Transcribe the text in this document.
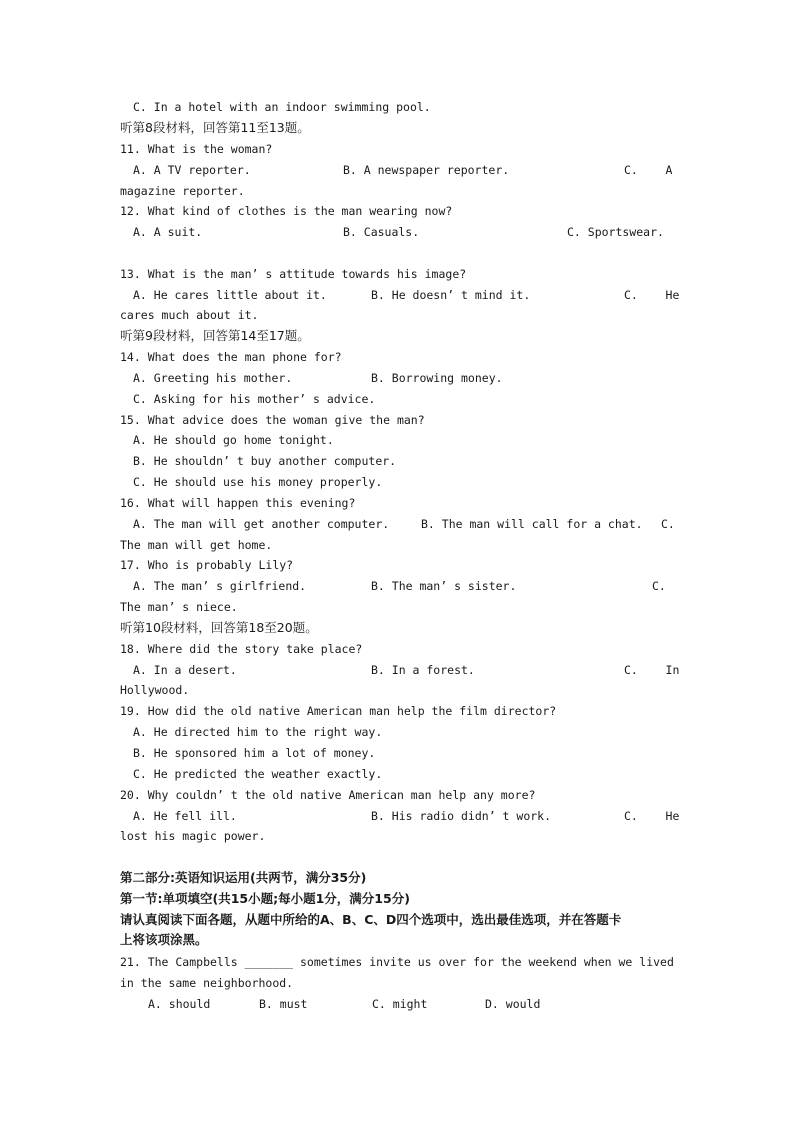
C. In a hotel with an indoor swimming pool.

听第8段材料，回答第11至13题。

11. What is the woman?

A. A TV reporter.

	B. A newspaper reporter.

	C.    A

magazine reporter.

12. What kind of clothes is the man wearing now?

A. A suit.

	B. Casuals.

	C. Sportswear.

13. What is the man’ s attitude towards his image?

A. He cares little about it.

	B. He doesn’ t mind it.

	C.    He

cares much about it.

听第9段材料，回答第14至17题。

14. What does the man phone for?

A. Greeting his mother.

	B. Borrowing money.

C. Asking for his mother’ s advice.

15. What advice does the woman give the man?

A. He should go home tonight.

B. He shouldn’ t buy another computer.

C. He should use his money properly.

16. What will happen this evening?

A. The man will get another computer.

	B. The man will call for a chat.

C.

The man will get home.

17. Who is probably Lily?

A. The man’ s girlfriend.

	B. The man’ s sister.

	C.

The man’ s niece.

听第10段材料，回答第18至20题。

18. Where did the story take place?

A. In a desert.

	B. In a forest.

	C.    In

Hollywood.

19. How did the old native American man help the film director?

A. He directed him to the right way.

B. He sponsored him a lot of money.

C. He predicted the weather exactly.

20. Why couldn’ t the old native American man help any more?

A. He fell ill.

	B. His radio didn’ t work.

	C.    He

lost his magic power.

第二部分:英语知识运用(共两节，满分35分)

第一节:单项填空(共15小题;每小题1分，满分15分)

请认真阅读下面各题，从题中所给的A、B、C、D四个选项中，选出最佳选项，并在答题卡

上将该项涂黑。

21. The Campbells _______ sometimes invite us over for the weekend when we lived

in the same neighborhood.

A. should

	B. must

	C. might

	D. would
